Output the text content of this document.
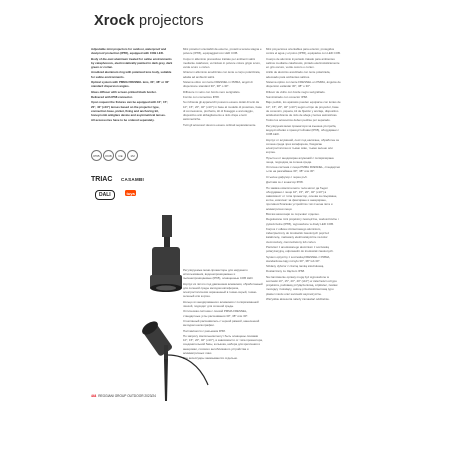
Xrock projectors

Adjustable mini projectors for outdoor, waterproof and dustproof protection (IP65), equipped with COB LED.

Body of die-cast aluminum treated for saline environments by cataphoresis, electrostatically painted in dark grey, dark green or corten.

Anodized aluminum ring with polarized lens body, suitable for saline environments.

Optical system with PMMA FRESNEL lens, 30°, 38° or 30° standard dispersion angles.

Glass diffuser with screen-printed black border.

Delivered with IP68 connector.

Upon request the fixtures can be equipped with 10°, 15°, 20°, 40° (x10°) lenses based on the projector type, connection base, picket, fixing and anchoring kit, honeycomb antiglare device and asymmetrical lenses.

All accessories have to be ordered separately.

IP65	IK08	CE	1M
TRIAC CASAMBI
DALI	tuya

Mini proiettori orientabili da esterno, protetti a tenuta stagna e polvere (IP65), equipaggiati con LED COB.

Corpo in alluminio pressofuso trattato per ambienti salini mediante cataforesi, verniciato in polvere colore grigio scuro, verde scuro o corten.

Ghiera in alluminio anodizzato con lente a corpo polarizzata, adatta ad ambienti salini.

Sistema ottico con lente FRESNEL in PMMA, angoli di dispersione standard 30°, 38° o 30°.

Diffusore in vetro con bordo nero serigrafato.

Fornito con connettore IP68.

Su richiesta gli apparecchi possono essere dotati di lenti da 10°, 15°, 20°, 40° (x10°) in base al modello di proiettore, base di connessione, picchetto, kit di fissaggio e ancoraggio, dispositivo anti abbagliamento a nido d'ape e lenti asimmetriche.

Tutti gli accessori devono essere ordinati separatamente.

Регулируемые мини-прожекторы для наружного использования, водонепроницаемые и пыленепроницаемые (IP65), оснащенные COB LED.

Корпус из литого под давлением алюминия, обработанный для соленой среды методом катафореза, электростатически окрашенный в темно-серый, темно-зеленый или кортен.

Кольцо из анодированного алюминия с поляризованной линзой, подходит для соленой среды.

Оптическая система с линзой PMMA FRESNEL, стандартные углы рассеивания 30°, 38° или 30°.

Стеклянный рассеиватель с черной рамкой, нанесенной методом шелкографии.

Поставляется с разъемом IP68.

По запросу светильники могут быть оснащены линзами 10°, 15°, 20°, 40° (x10°), в зависимости от типа прожектора, соединительной базы, колышка, набора для крепления и анкеровки, сотового антибликового устройства и асимметричных линз.

Все аксессуары заказываются отдельно.

Mini proyectores orientables para exterior, protegidos contra el agua y el polvo (IP65), equipados con LED COB.

Cuerpo de aluminio inyectado tratado para ambientes salinos mediante cataforesis, pintado electrostáticamente en gris oscuro, verde oscuro o corten.

Anillo de aluminio anodizado con lente polarizada, adecuado para ambientes salinos.

Sistema óptico con lente FRESNEL en PMMA, ángulos de dispersión estándar 30°, 38° o 30°.

Difusor de vidrio con borde negro serigrafiado.

Suministrado con conector IP68.

Bajo pedido, los aparatos pueden equiparse con lentes de 10°, 15°, 20°, 40° (x10°) según el tipo de proyector, base de conexión, piqueta, kit de fijación y anclaje, dispositivo antideslumbrante de nido de abeja y lentes asimétricas.

Todos los accesorios deben pedirse por separado.

Регулируеми мини прожектори за външна употреба, водоустойчиви и прахоустойчиви (IP65), оборудвани с COB LED.

Корпус от алуминий, леят под налягане, обработен за солена среда чрез катафореза, боядисан електростатично в тъмно сиво, тъмно зелено или кортен.

Пръстен от анодизиран алуминий с поляризирана леща, подходящ за солена среда.

Оптична система с леща PMMA FRESNEL, стандартни ъгли на разсейване 30°, 38° или 30°.

Стъклен дифузор с черен ръб.

Доставя се с конектор IP68.

По заявка осветителните тела могат да бъдат оборудвани с лещи 10°, 15°, 20°, 40° (x10°) в зависимост от типа прожектор, основа за свързване, колче, комплект за фиксиране и анкериране, противоотблясково устройство тип пчелна пита и асиметрични лещи.

Всички аксесоари се поръчват отделно.

Regulowane mini projektory zewnętrzne, wodoszczelne i pyłoszczelne (IP65), wyposażone w diody LED COB.

Korpus z odlewu ciśnieniowego aluminium, zabezpieczony do środowisk zasolonych poprzez kataforezę, malowany elektrostatycznie na kolor ciemnoszary, ciemnozielony lub corten.

Pierścień z anodowanego aluminium z soczewką polaryzacyjną, odpowiedni do środowisk zasolonych.

System optyczny z soczewką FRESNEL z PMMA, standardowe kąty rozsyłu 30°, 38° lub 30°.

Szklany dyfuzor z czarną ramką sitodrukową.

Dostarczany ze złączem IP68.

Na zamówienie oprawy mogą być wyposażone w soczewki 10°, 15°, 20°, 40° (x10°) w zależności od typu projektora, podstawę przyłączeniową, szpikulec, zestaw mocujący i kotwiący, osłonę przeciwolśnieniową typu plaster miodu oraz soczewki asymetryczne.

Wszystkie akcesoria należy zamawiać oddzielnie.

444 REGGIANI GROUP OUTDOOR 2023/24
